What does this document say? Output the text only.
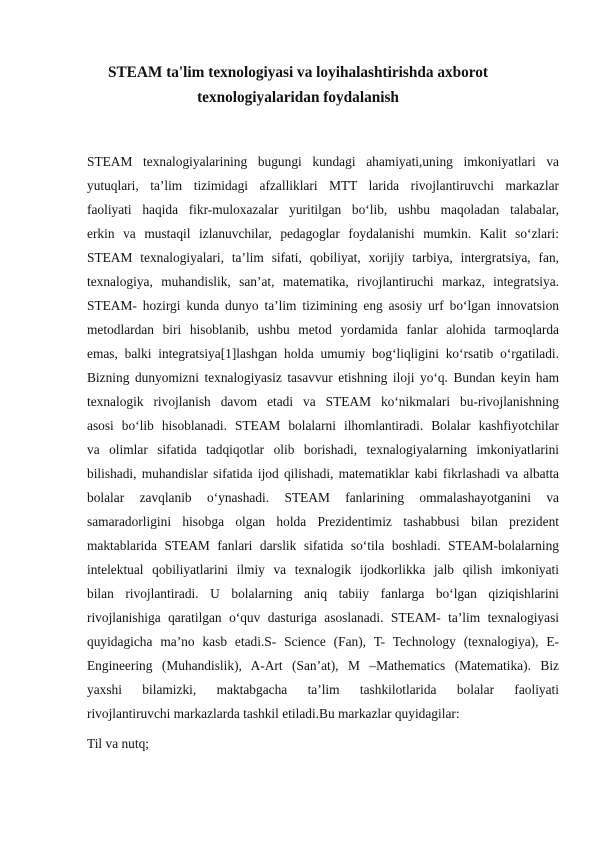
STEAM ta'lim texnologiyasi va loyihalashtirishda axborot
texnologiyalaridan foydalanish
STEAM texnalogiyalarining bugungi kundagi ahamiyati,uning imkoniyatlari va
yutuqlari, ta’lim tizimidagi afzalliklari MTT larida rivojlantiruvchi markazlar
faoliyati haqida fikr-muloxazalar yuritilgan bo‘lib, ushbu maqoladan talabalar,
erkin va mustaqil izlanuvchilar, pedagoglar foydalanishi mumkin. Kalit so‘zlari:
STEAM texnalogiyalari, ta’lim sifati, qobiliyat, xorijiy tarbiya, intergratsiya, fan,
texnalogiya, muhandislik, san’at, matematika, rivojlantiruchi markaz, integratsiya.
STEAM- hozirgi kunda dunyo ta’lim tizimining eng asosiy urf bo‘lgan innovatsion
metodlardan biri hisoblanib, ushbu metod yordamida fanlar alohida tarmoqlarda
emas, balki integratsiya[1]lashgan holda umumiy bog‘liqligini ko‘rsatib o‘rgatiladi.
Bizning dunyomizni texnalogiyasiz tasavvur etishning iloji yo‘q. Bundan keyin ham
texnalogik rivojlanish davom etadi va STEAM ko‘nikmalari bu-rivojlanishning
asosi bo‘lib hisoblanadi. STEAM bolalarni ilhomlantiradi. Bolalar kashfiyotchilar
va olimlar sifatida tadqiqotlar olib borishadi, texnalogiyalarning imkoniyatlarini
bilishadi, muhandislar sifatida ijod qilishadi, matematiklar kabi fikrlashadi va albatta
bolalar zavqlanib o‘ynashadi. STEAM fanlarining ommalashayotganini va
samaradorligini hisobga olgan holda Prezidentimiz tashabbusi bilan prezident
maktablarida STEAM fanlari darslik sifatida so‘tila boshladi. STEAM-bolalarning
intelektual qobiliyatlarini ilmiy va texnalogik ijodkorlikka jalb qilish imkoniyati
bilan rivojlantiradi. U bolalarning aniq tabiiy fanlarga bo‘lgan qiziqishlarini
rivojlanishiga qaratilgan o‘quv dasturiga asoslanadi. STEAM- ta’lim texnalogiyasi
quyidagicha ma’no kasb etadi.S- Science (Fan), T- Technology (texnalogiya), E-
Engineering (Muhandislik), A-Art (San’at), M –Mathematics (Matematika). Biz
yaxshi bilamizki, maktabgacha ta’lim tashkilotlarida bolalar faoliyati
rivojlantiruvchi markazlarda tashkil etiladi.Bu markazlar quyidagilar:
Til va nutq;
